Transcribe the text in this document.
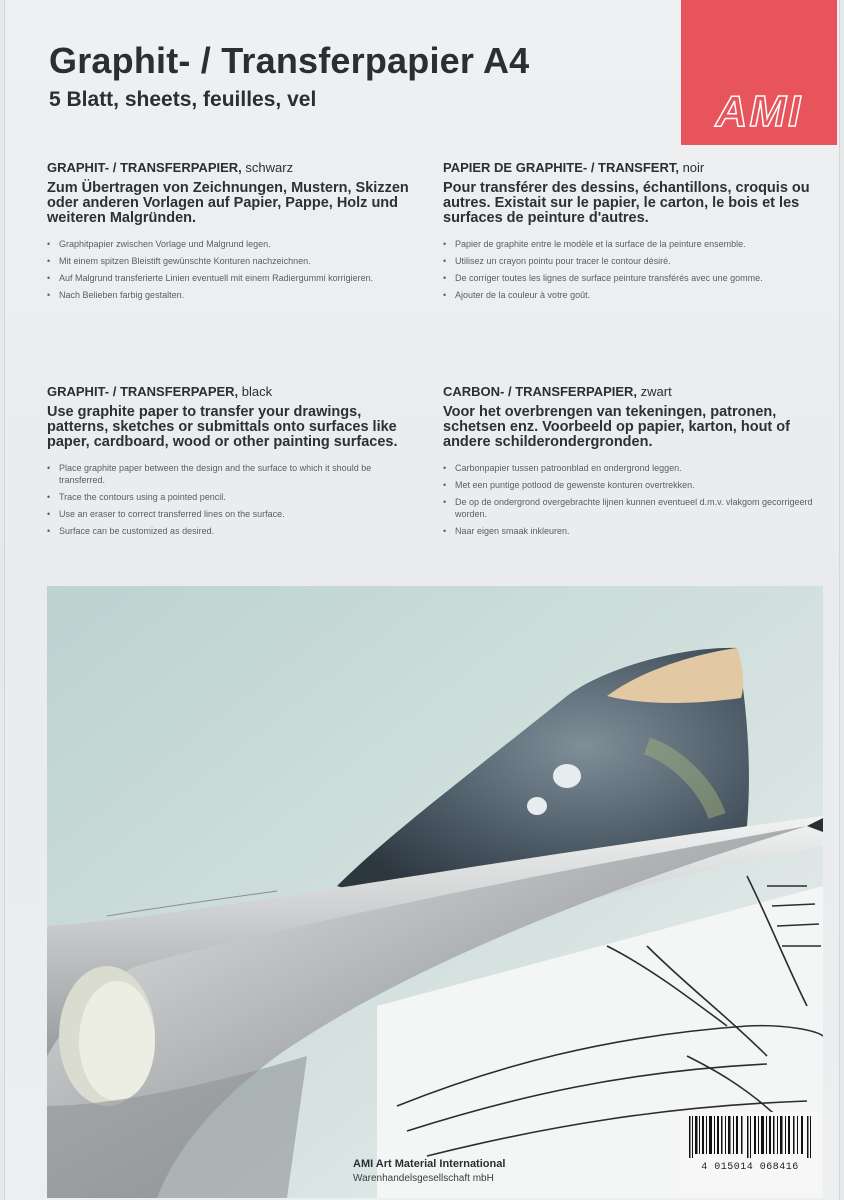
Graphit- / Transferpapier A4
5 Blatt, sheets, feuilles, vel	AMI
GRAPHIT- / TRANSFERPAPIER, schwarz
Zum Übertragen von Zeichnungen, Mustern, Skizzen oder anderen Vorlagen auf Papier, Pappe, Holz und weiteren Malgründen.
• Graphitpapier zwischen Vorlage und Malgrund legen.
• Mit einem spitzen Bleistift gewünschte Konturen nachzeichnen.
• Auf Malgrund transferierte Linien eventuell mit einem Radiergummi korrigieren.
• Nach Belieben farbig gestalten.
PAPIER DE GRAPHITE- / TRANSFERT, noir
Pour transférer des dessins, échantillons, croquis ou autres. Existait sur le papier, le carton, le bois et les surfaces de peinture d'autres.
• Papier de graphite entre le modèle et la surface de la peinture ensemble.
• Utilisez un crayon pointu pour tracer le contour désiré.
• De corriger toutes les lignes de surface peinture transférés avec une gomme.
• Ajouter de la couleur à votre goût.
GRAPHIT- / TRANSFERPAPER, black
Use graphite paper to transfer your drawings, patterns, sketches or submittals onto surfaces like paper, cardboard, wood or other painting surfaces.
• Place graphite paper between the design and the surface to which it should be transferred.
• Trace the contours using a pointed pencil.
• Use an eraser to correct transferred lines on the surface.
• Surface can be customized as desired.
CARBON- / TRANSFERPAPIER, zwart
Voor het overbrengen van tekeningen, patronen, schetsen enz. Voorbeeld op papier, karton, hout of andere schilderondergronden.
• Carbonpapier tussen patroonblad en ondergrond leggen.
• Met een puntige potlood de gewenste konturen overtrekken.
• De op de ondergrond overgebrachte lijnen kunnen eventueel d.m.v. vlakgom gecorrigeerd worden.
• Naar eigen smaak inkleuren.
AMI Art Material International
Warenhandelsgesellschaft mbH
4 015014 068416
